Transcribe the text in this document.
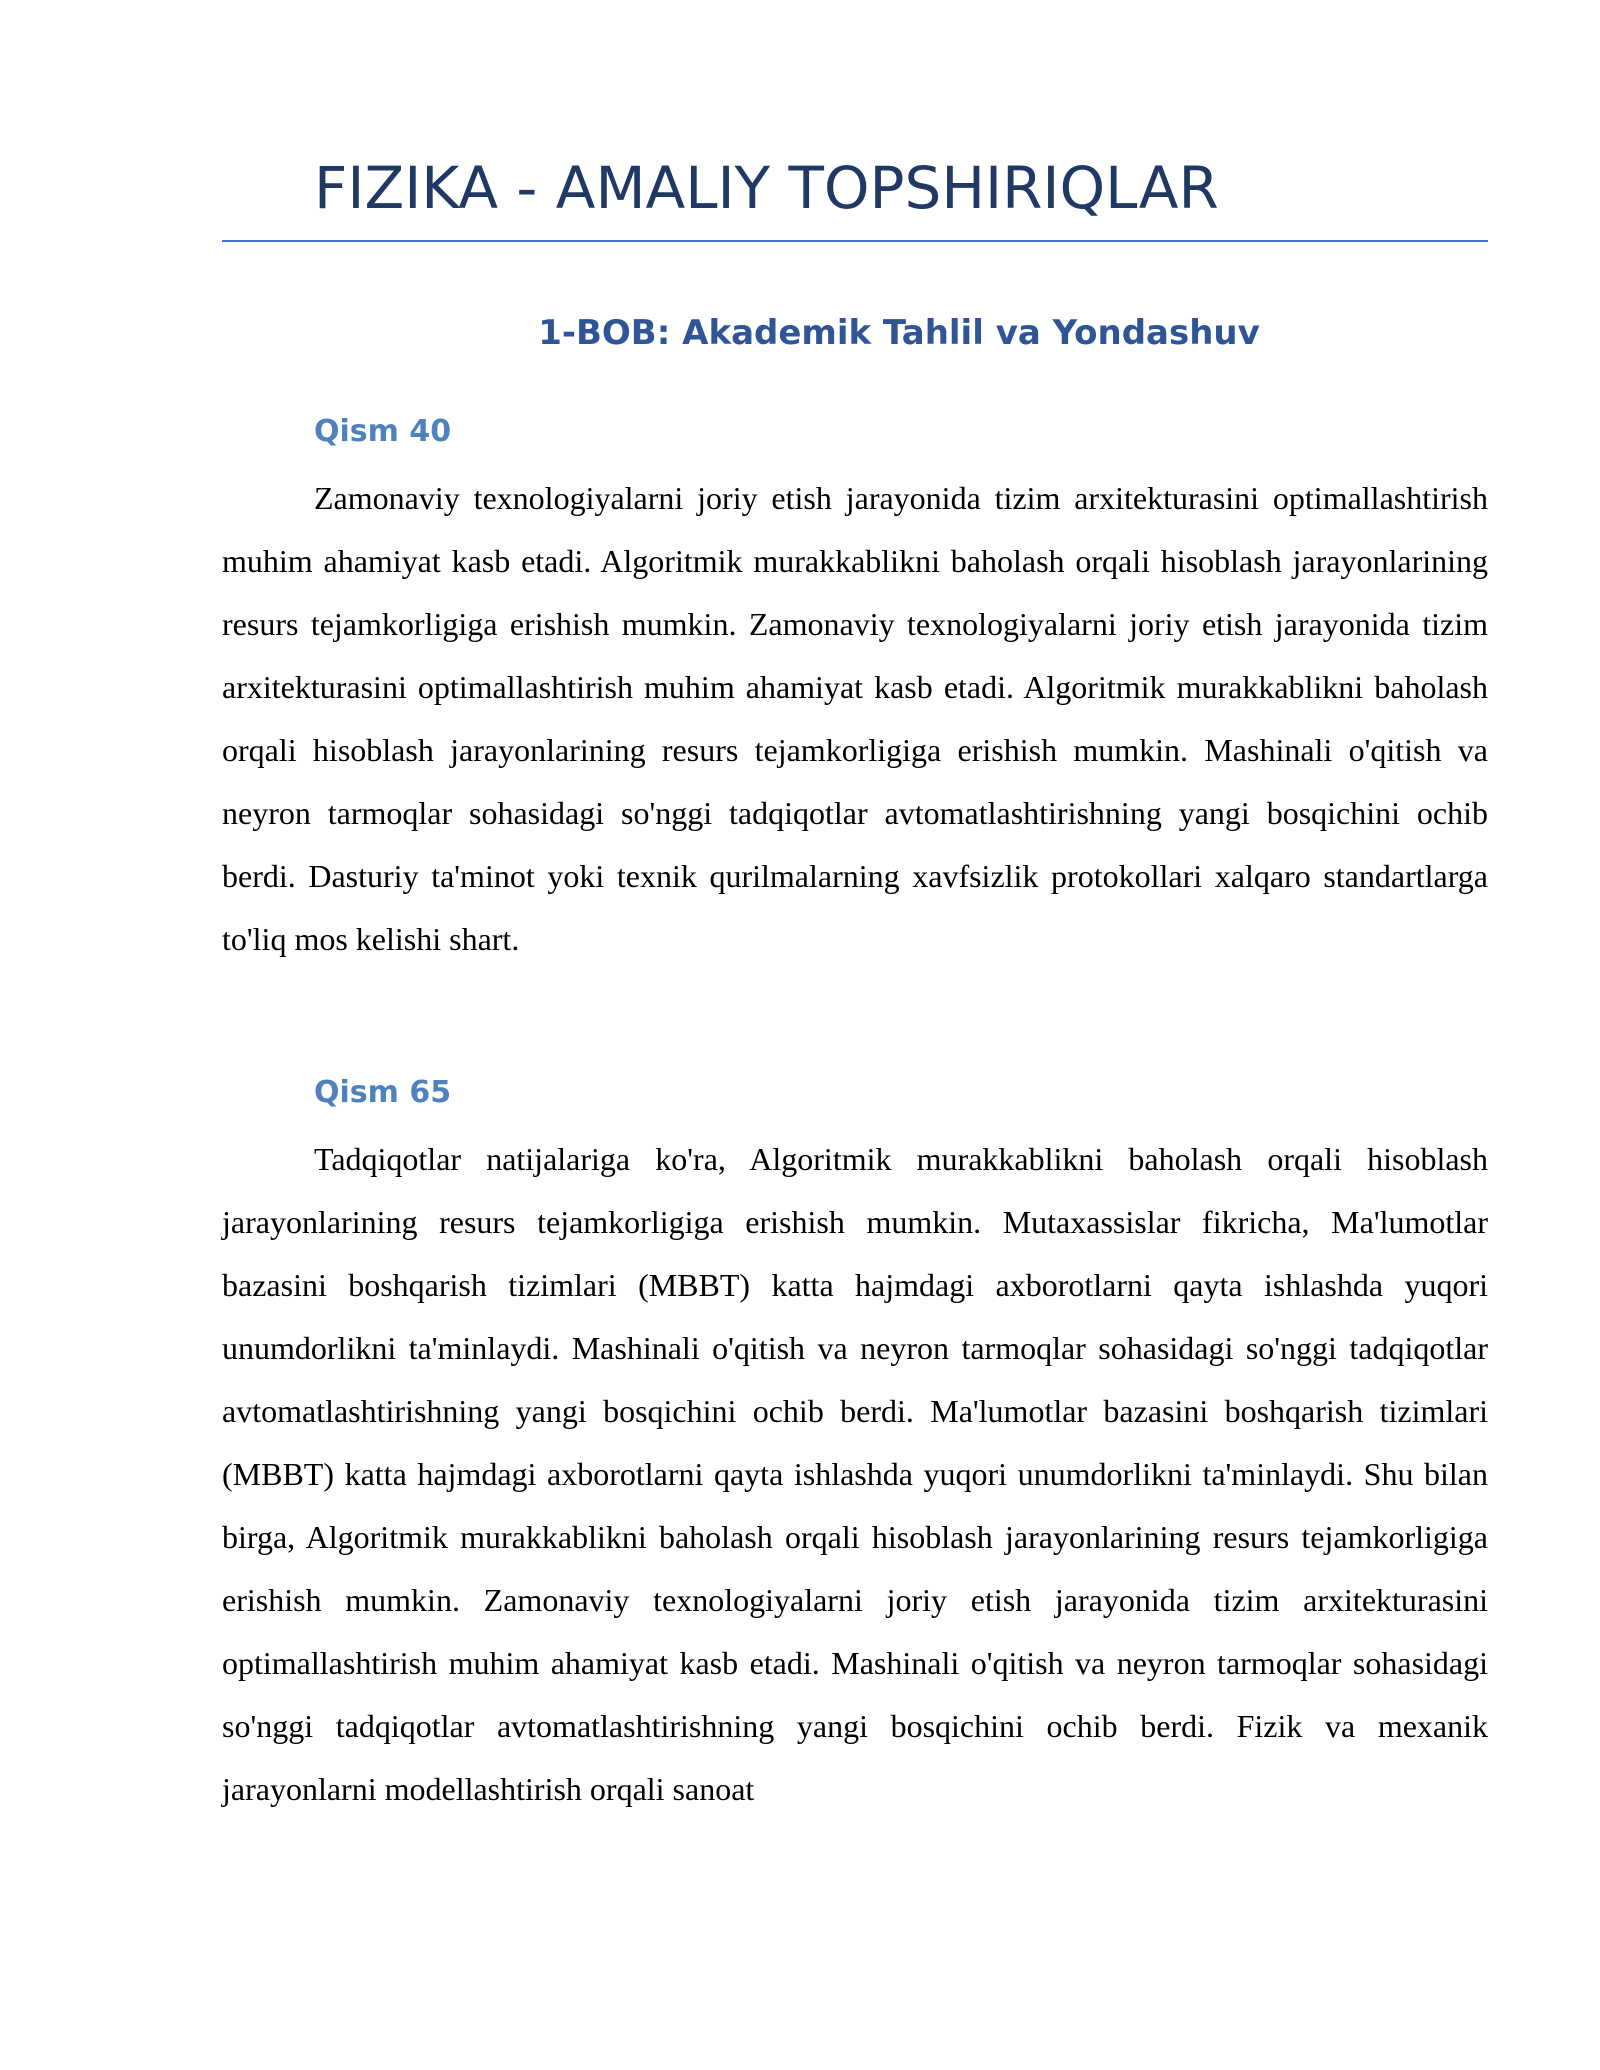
FIZIKA - AMALIY TOPSHIRIQLAR
1-BOB: Akademik Tahlil va Yondashuv
Qism 40

Zamonaviy texnologiyalarni joriy etish jarayonida tizim arxitekturasini optimallashtirish muhim ahamiyat kasb etadi. Algoritmik murakkablikni baholash orqali hisoblash jarayonlarining resurs tejamkorligiga erishish mumkin. Zamonaviy texnologiyalarni joriy etish jarayonida tizim arxitekturasini optimallashtirish muhim ahamiyat kasb etadi. Algoritmik murakkablikni baholash orqali hisoblash jarayonlarining resurs tejamkorligiga erishish mumkin. Mashinali o'qitish va neyron tarmoqlar sohasidagi so'nggi tadqiqotlar avtomatlashtirishning yangi bosqichini ochib berdi. Dasturiy ta'minot yoki texnik qurilmalarning xavfsizlik protokollari xalqaro standartlarga to'liq mos kelishi shart.

Qism 65

Tadqiqotlar natijalariga ko'ra, Algoritmik murakkablikni baholash orqali hisoblash jarayonlarining resurs tejamkorligiga erishish mumkin. Mutaxassislar fikricha, Ma'lumotlar bazasini boshqarish tizimlari (MBBT) katta hajmdagi axborotlarni qayta ishlashda yuqori unumdorlikni ta'minlaydi. Mashinali o'qitish va neyron tarmoqlar sohasidagi so'nggi tadqiqotlar avtomatlashtirishning yangi bosqichini ochib berdi. Ma'lumotlar bazasini boshqarish tizimlari (MBBT) katta hajmdagi axborotlarni qayta ishlashda yuqori unumdorlikni ta'minlaydi. Shu bilan birga, Algoritmik murakkablikni baholash orqali hisoblash jarayonlarining resurs tejamkorligiga erishish mumkin. Zamonaviy texnologiyalarni joriy etish jarayonida tizim arxitekturasini optimallashtirish muhim ahamiyat kasb etadi. Mashinali o'qitish va neyron tarmoqlar sohasidagi so'nggi tadqiqotlar avtomatlashtirishning yangi bosqichini ochib berdi. Fizik va mexanik jarayonlarni modellashtirish orqali sanoat
